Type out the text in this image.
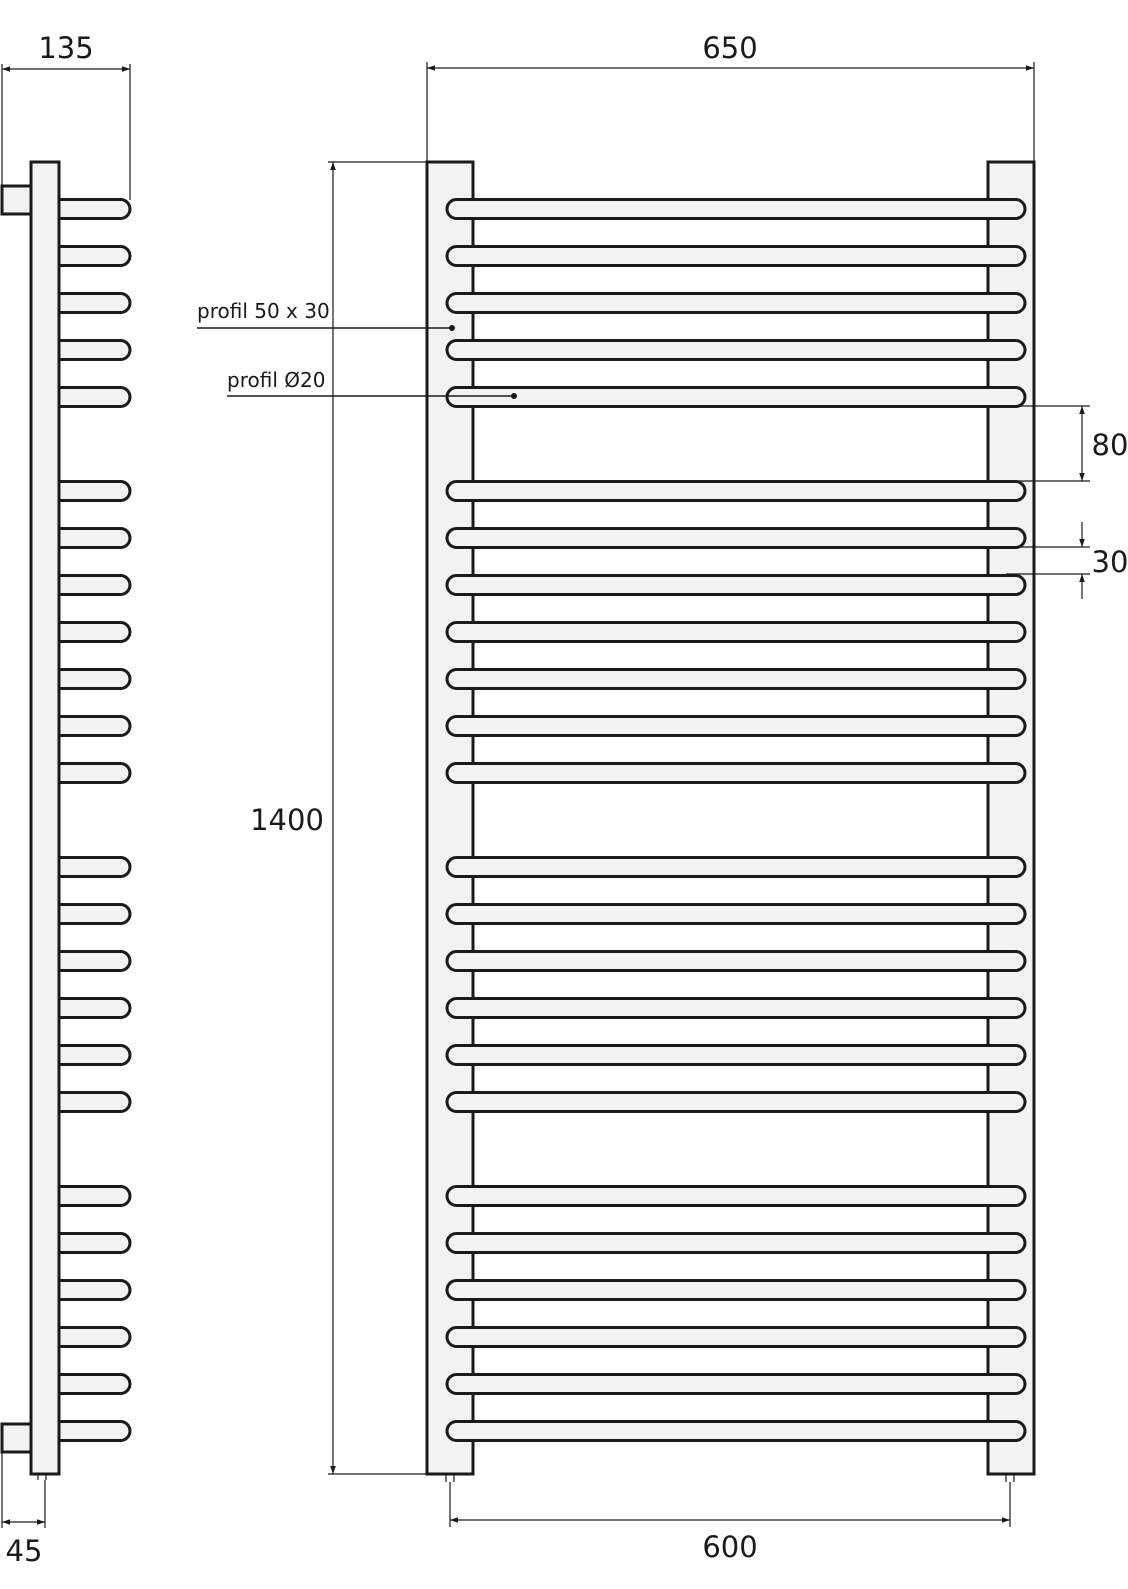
135
45
650
1400
600
80
30
profil 50 x 30
profil Ø20
